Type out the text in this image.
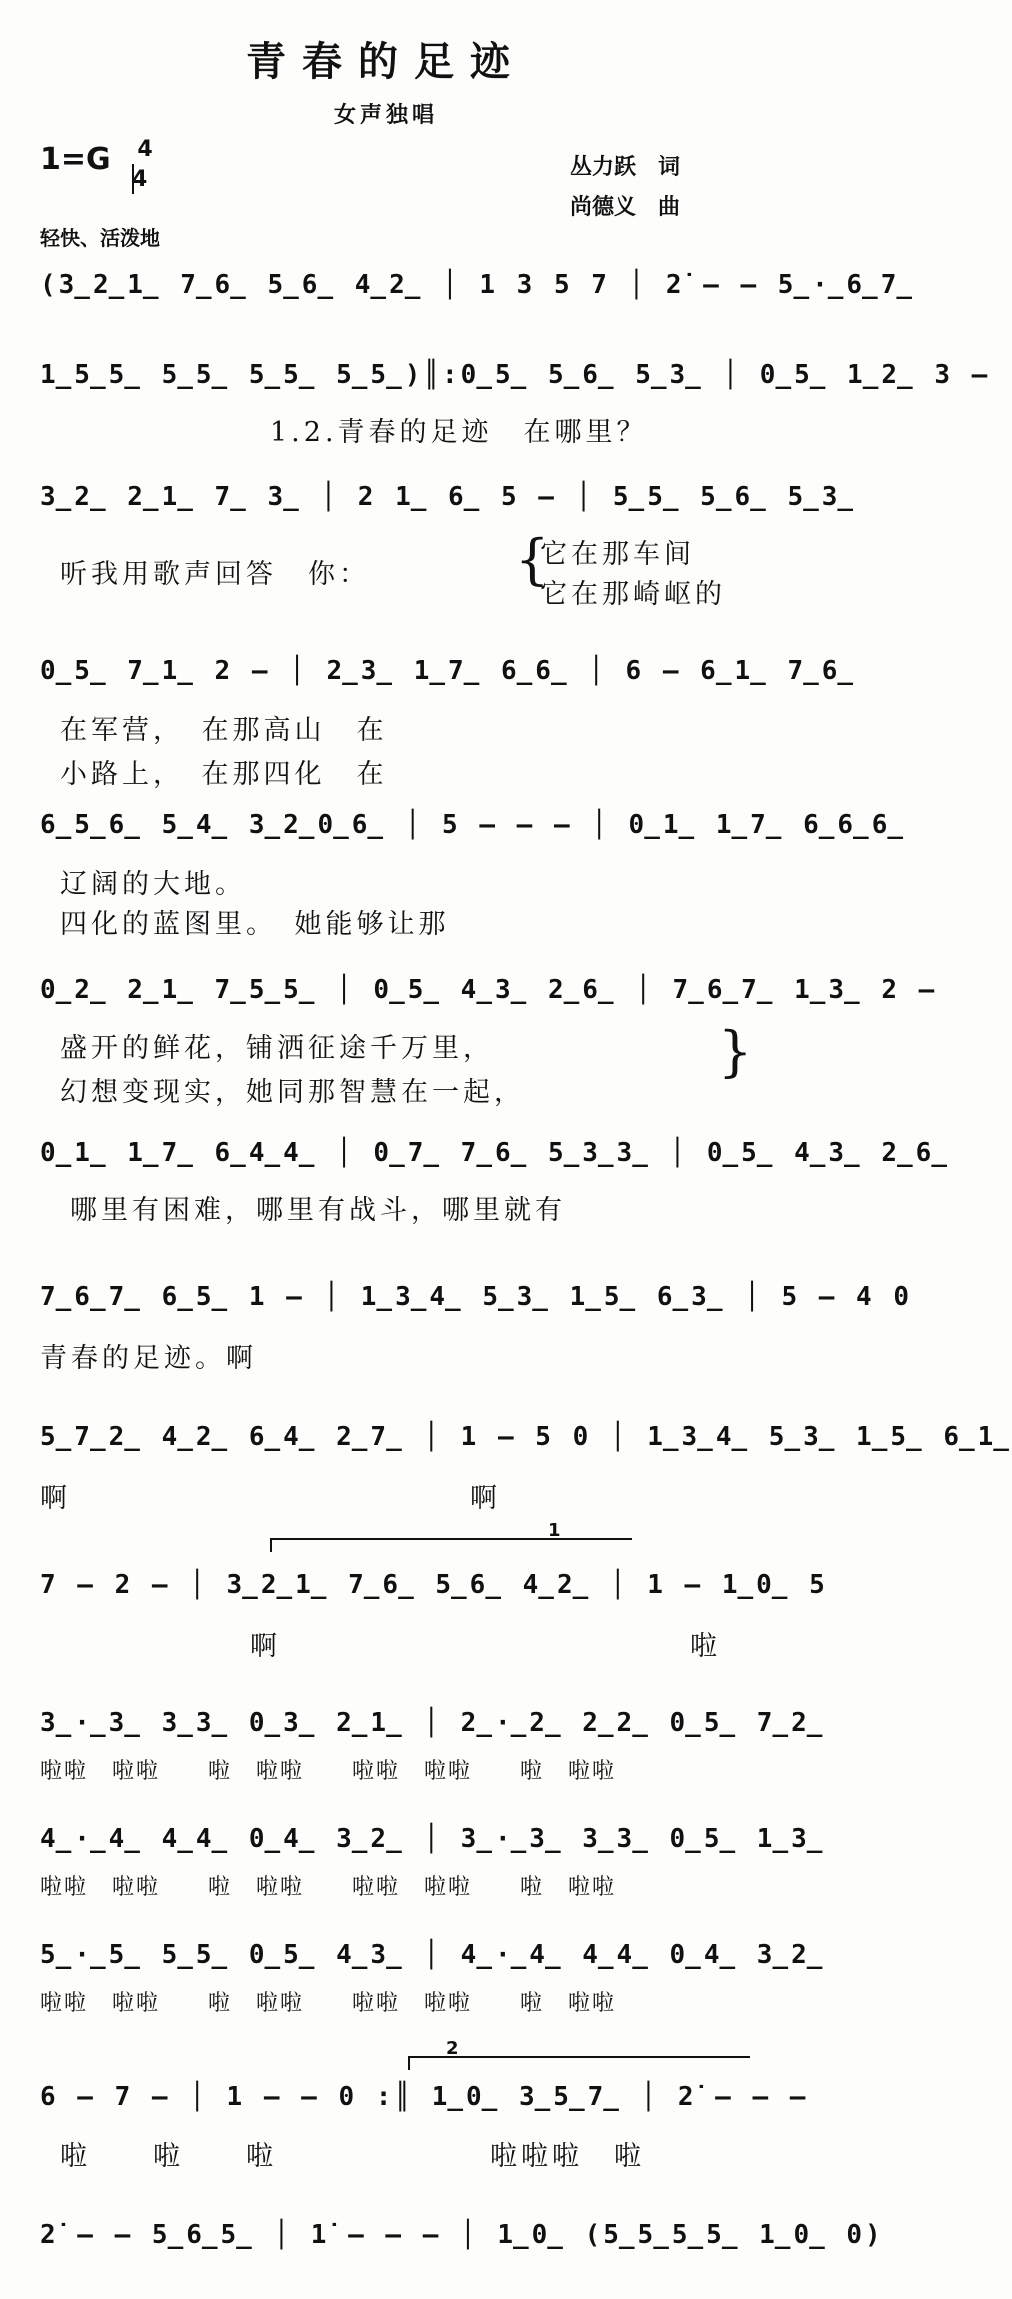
青春的足迹
女声独唱
1=G 4
4	丛力跃　词
尚德义　曲
轻快、活泼地
(3̲2̲1̲ 7̲6̲ 5̲6̲ 4̲2̲ │ 1 3 5 7 │ 2̇ — — 5̲·̲6̲7̲
1̲5̲5̲ 5̲5̲ 5̲5̲ 5̲5̲)║:0̲5̲ 5̲6̲ 5̲3̲ │ 0̲5̲ 1̲2̲ 3 —
1.2.青春的足迹　在哪里？
3̲2̲ 2̲1̲ 7̲ 3̲ │ 2 1̲ 6̲ 5 — │ 5̲5̲ 5̲6̲ 5̲3̲
听我用歌声回答　你：	{
它在那车间
它在那崎岖的
0̲5̲ 7̲1̲ 2 — │ 2̲3̲ 1̲7̲ 6̲6̲ │ 6 — 6̲1̲ 7̲6̲
在军营，　在那高山　在
小路上，　在那四化　在
6̲5̲6̲ 5̲4̲ 3̲2̲0̲6̲ │ 5 — — — │ 0̲1̲ 1̲7̲ 6̲6̲6̲
辽阔的大地。
四化的蓝图里。　她能够让那
0̲2̲ 2̲1̲ 7̲5̲5̲ │ 0̲5̲ 4̲3̲ 2̲6̲ │ 7̲6̲7̲ 1̲3̲ 2 —
盛开的鲜花，铺洒征途千万里，
幻想变现实，她同那智慧在一起，
}
0̲1̲ 1̲7̲ 6̲4̲4̲ │ 0̲7̲ 7̲6̲ 5̲3̲3̲ │ 0̲5̲ 4̲3̲ 2̲6̲
哪里有困难，哪里有战斗，哪里就有
7̲6̲7̲ 6̲5̲ 1 — │ 1̲3̲4̲ 5̲3̲ 1̲5̲ 6̲3̲ │ 5 — 4 0
青春的足迹。啊
5̲7̲2̲ 4̲2̲ 6̲4̲ 2̲7̲ │ 1 — 5 0 │ 1̲3̲4̲ 5̲3̲ 1̲5̲ 6̲1̲
啊	啊
1
7 — 2 — │ 3̲2̲1̲ 7̲6̲ 5̲6̲ 4̲2̲ │ 1 — 1̲0̲ 5
啊	啦
3̲·̲3̲ 3̲3̲ 0̲3̲ 2̲1̲ │ 2̲·̲2̲ 2̲2̲ 0̲5̲ 7̲2̲
啦啦　啦啦　　啦　啦啦　　啦啦　啦啦　　啦　啦啦
4̲·̲4̲ 4̲4̲ 0̲4̲ 3̲2̲ │ 3̲·̲3̲ 3̲3̲ 0̲5̲ 1̲3̲
啦啦　啦啦　　啦　啦啦　　啦啦　啦啦　　啦　啦啦
5̲·̲5̲ 5̲5̲ 0̲5̲ 4̲3̲ │ 4̲·̲4̲ 4̲4̲ 0̲4̲ 3̲2̲
啦啦　啦啦　　啦　啦啦　　啦啦　啦啦　　啦　啦啦
2
6 — 7 — │ 1 — — 0 :║ 1̲0̲ 3̲5̲7̲ │ 2̇ — — —
啦　　啦　　啦	啦啦啦　啦
2̇ — — 5̲6̲5̲ │ 1̇ — — — │ 1̲0̲ (5̲5̲5̲5̲ 1̲0̲ 0)
